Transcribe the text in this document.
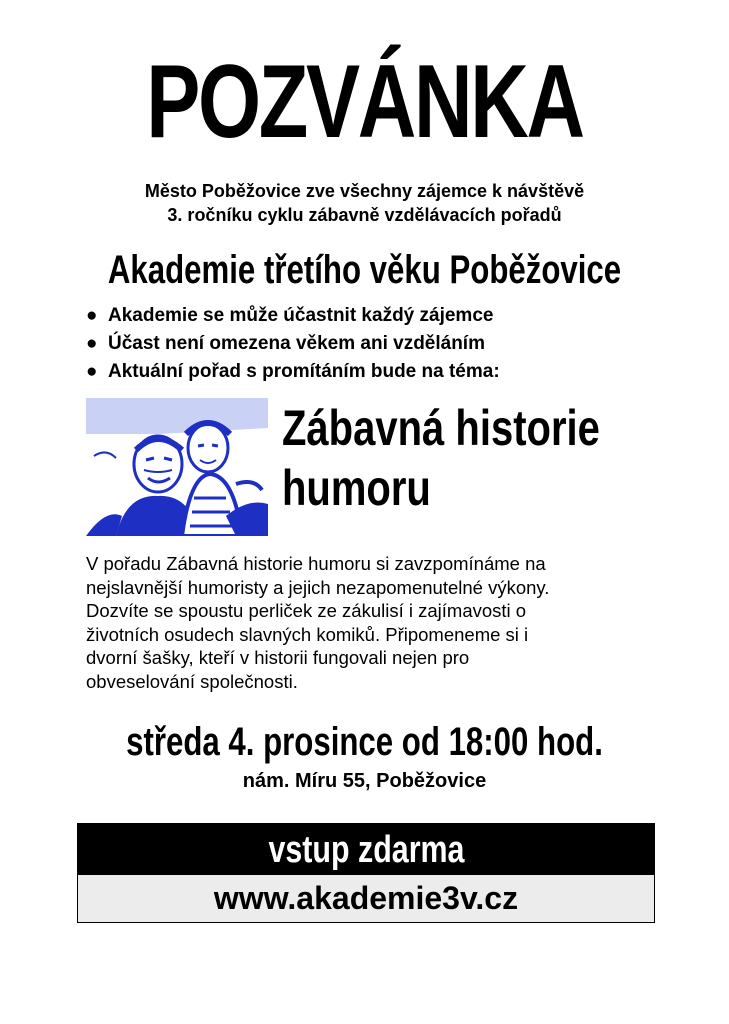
POZVÁNKA
Město Poběžovice zve všechny zájemce k návštěvě
3. ročníku cyklu zábavně vzdělávacích pořadů
Akademie třetího věku Poběžovice
● Akademie se může účastnit každý zájemce
● Účast není omezena věkem ani vzděláním
● Aktuální pořad s promítáním bude na téma:
Zábavná historie
humoru
V pořadu Zábavná historie humoru si zavzpomínáme na
nejslavnější humoristy a jejich nezapomenutelné výkony.
Dozvíte se spoustu perliček ze zákulisí i zajímavosti o
životních osudech slavných komiků. Připomeneme si i
dvorní šašky, kteří v historii fungovali nejen pro
obveselování společnosti.
středa 4. prosince od 18:00 hod.
nám. Míru 55, Poběžovice
vstup zdarma
www.akademie3v.cz
